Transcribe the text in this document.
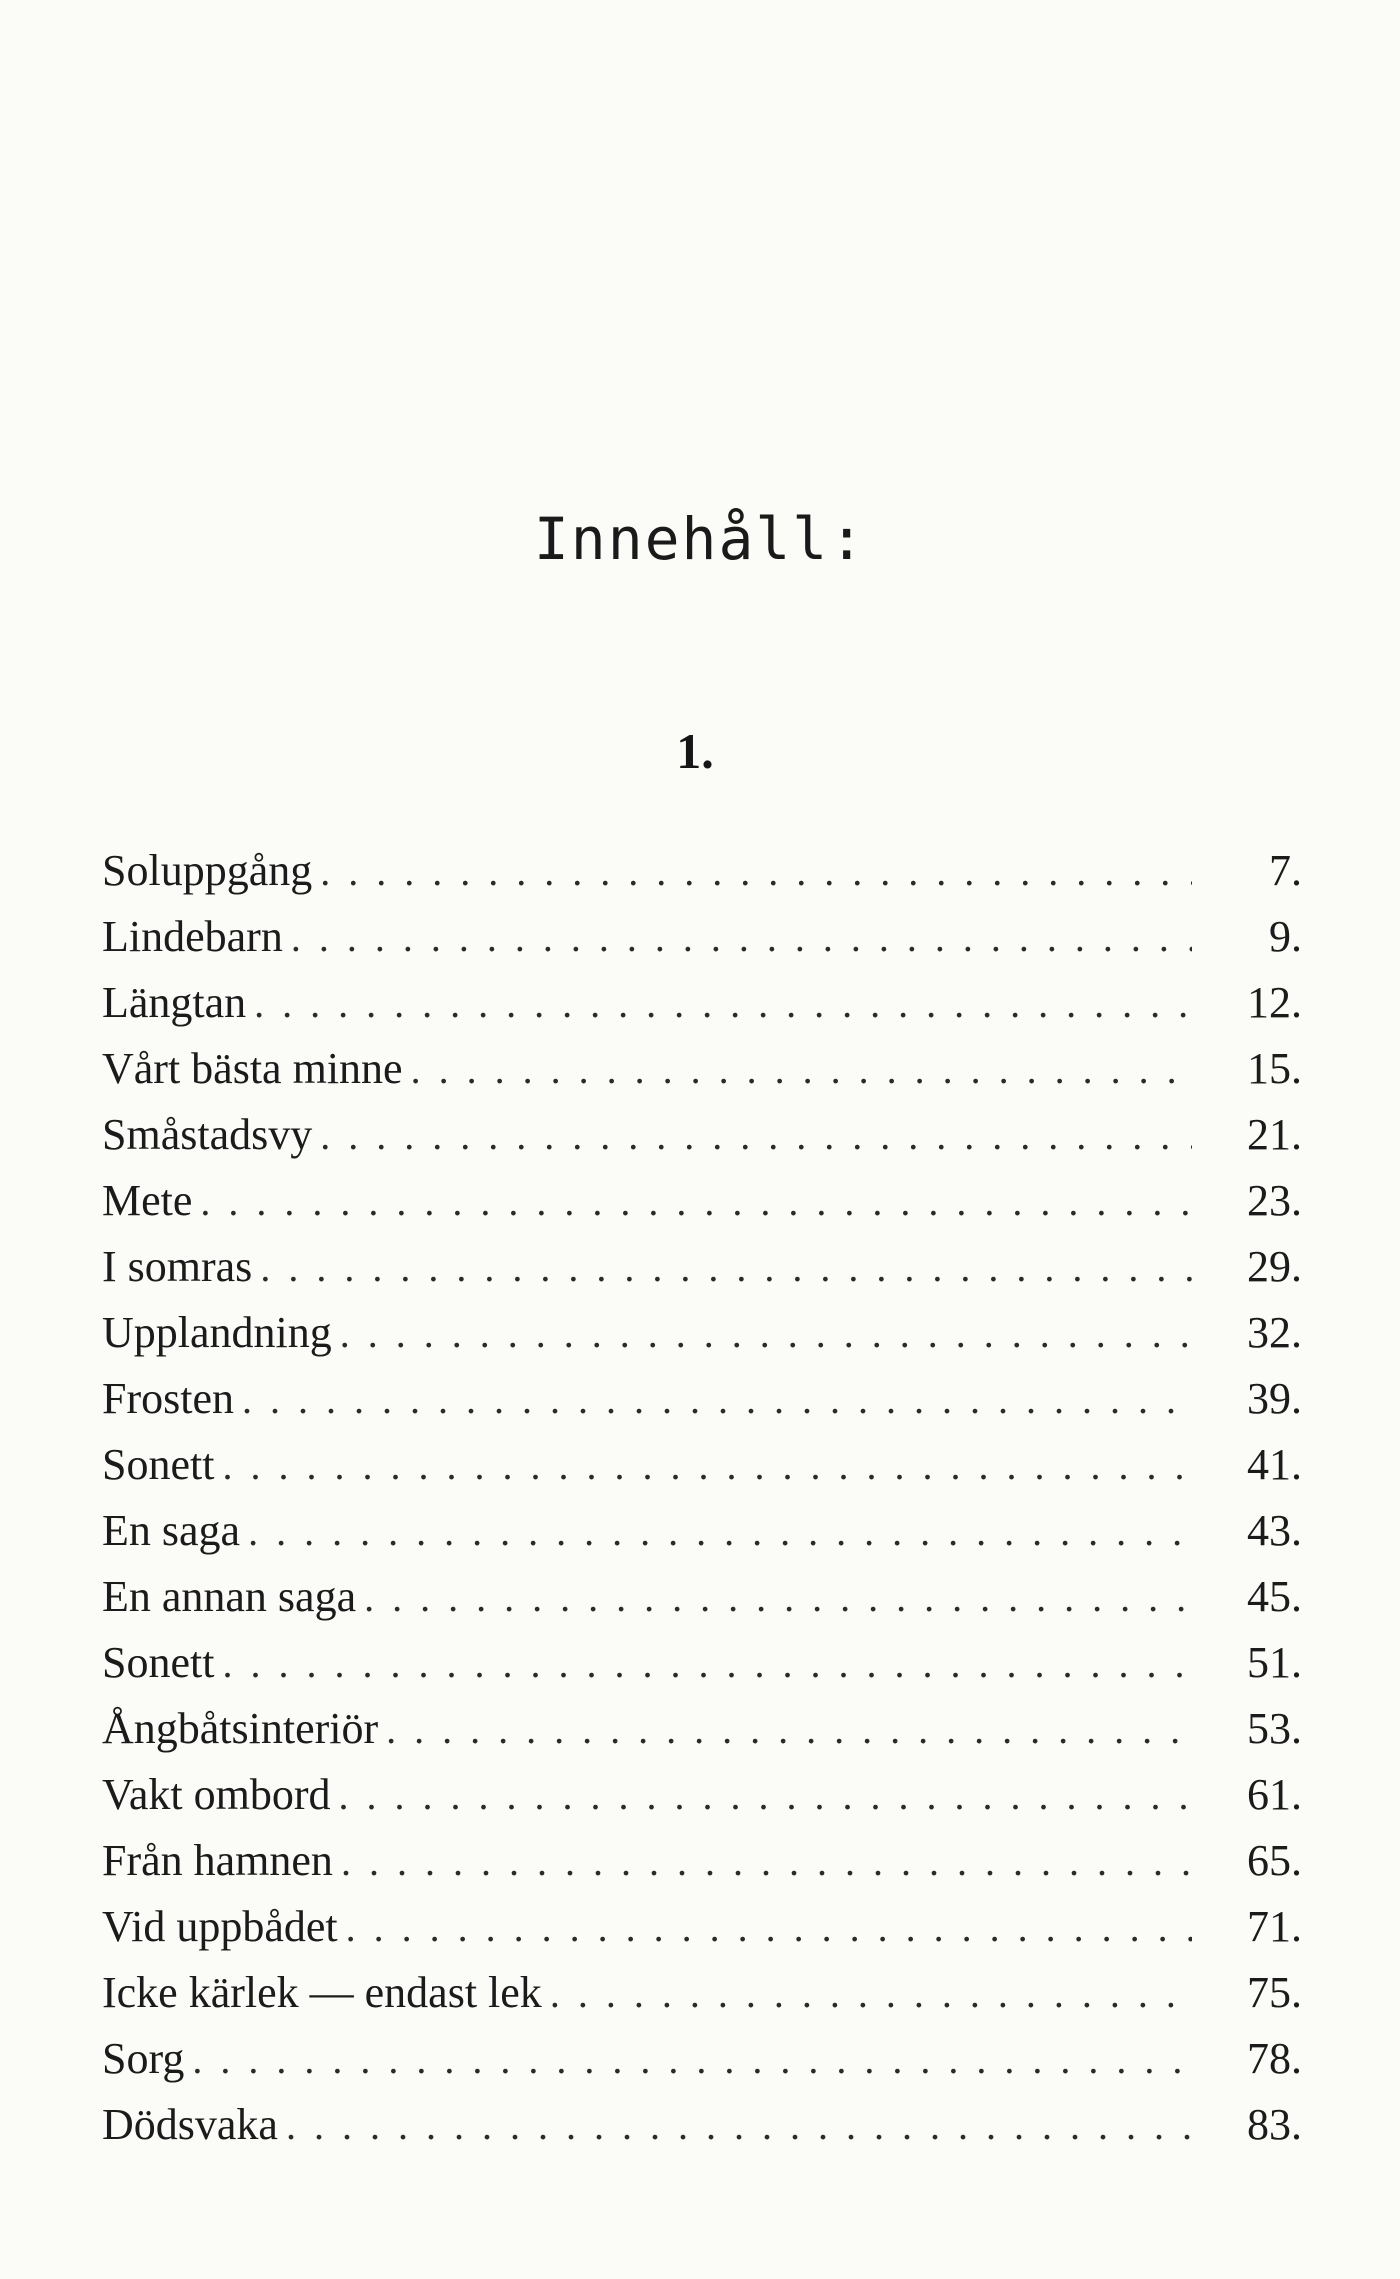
Innehåll:
1.
Soluppgång . . .	7.
Lindebarn . . .	9.
Längtan . . .	12.
Vårt bästa minne . . .	15.
Småstadsvy . . .	21.
Mete . . .	23.
I somras . . .	29.
Upplandning . . .	32.
Frosten . . .	39.
Sonett . . .	41.
En saga . . .	43.
En annan saga . . .	45.
Sonett . . .	51.
Ångbåtsinteriör . . .	53.
Vakt ombord . . .	61.
Från hamnen . . .	65.
Vid uppbådet . . .	71.
Icke kärlek — endast lek . . .	75.
Sorg . . .	78.
Dödsvaka . . .	83.
